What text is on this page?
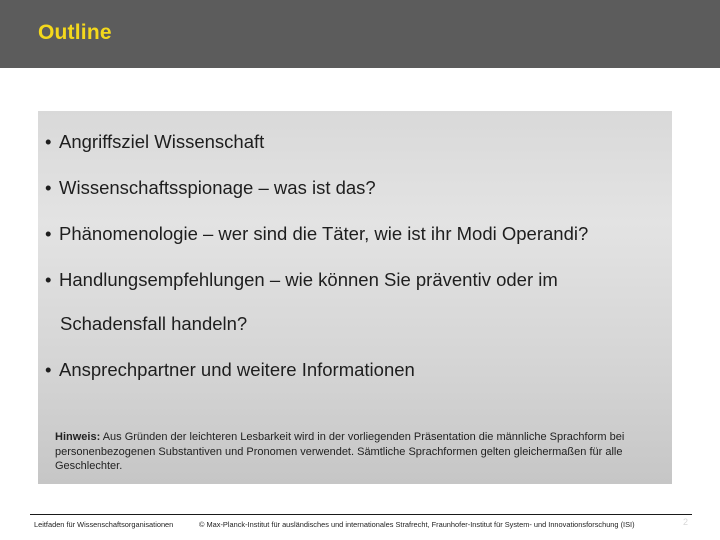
Outline
• Angriffsziel Wissenschaft
• Wissenschaftsspionage – was ist das?
• Phänomenologie – wer sind die Täter, wie ist ihr Modi Operandi?
• Handlungsempfehlungen – wie können Sie präventiv oder im
Schadensfall handeln?
• Ansprechpartner und weitere Informationen
Hinweis: Aus Gründen der leichteren Lesbarkeit wird in der vorliegenden Präsentation die männliche Sprachform bei personenbezogenen Substantiven und Pronomen verwendet. Sämtliche Sprachformen gelten gleichermaßen für alle Geschlechter.
Leitfaden für Wissenschaftsorganisationen	© Max-Planck-Institut für ausländisches und internationales Strafrecht, Fraunhofer-Institut für System- und Innovationsforschung (ISI)	2
